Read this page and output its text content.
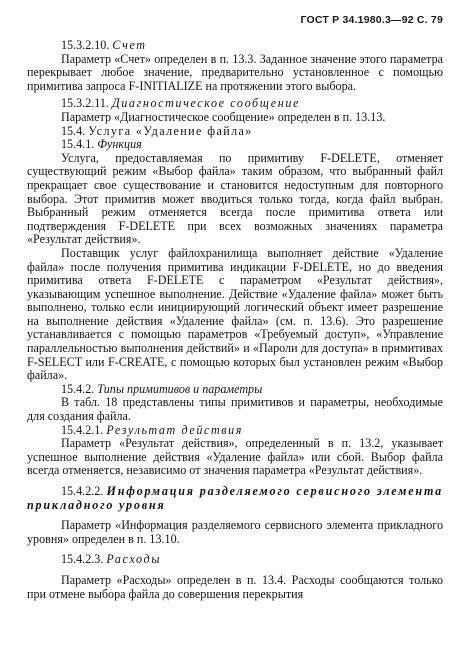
ГОСТ Р 34.1980.3—92 С. 79

15.3.2.10. Счет

Параметр «Счет» определен в п. 13.3. Заданное значение этого параметра перекрывает любое значение, предварительно установленное с помощью примитива запроса F-INITIALIZE на протяжении этого выбора.

15.3.2.11. Диагностическое сообщение

Параметр «Диагностическое сообщение» определен в п. 13.13.

15.4. Услуга «Удаление файла»

15.4.1. Функция

Услуга, предоставляемая по примитиву F-DELETE, отменяет существующий режим «Выбор файла» таким образом, что выбранный файл прекращает свое существование и становится недоступным для повторного выбора. Этот примитив может вводиться только тогда, когда файл выбран. Выбранный режим отменяется всегда после примитива ответа или подтверждения F-DELETE при всех возможных значениях параметра «Результат действия».

Поставщик услуг файлохранилища выполняет действие «Удаление файла» после получения примитива индикации F-DELETE, но до введения примитива ответа F-DELETE с параметром «Результат действия», указывающим успешное выполнение. Действие «Удаление файла» может быть выполнено, только если инициирующий логический объект имеет разрешение на выполнение действия «Удаление файла» (см. п. 13.6). Это разрешение устанавливается с помощью параметров «Требуемый доступ», «Управление параллельностью выполнения действий» и «Пароли для доступа» в примитивах F-SELECT или F-CREATE, с помощью которых был установлен режим «Выбор файла».

15.4.2. Типы примитивов и параметры

В табл. 18 представлены типы примитивов и параметры, необходимые для создания файла.

15.4.2.1. Результат действия

Параметр «Результат действия», определенный в п. 13.2, указывает успешное выполнение действия «Удаление файла» или сбой. Выбор файла всегда отменяется, независимо от значения параметра «Результат действия».

15.4.2.2. Информация разделяемого сервисного элемента прикладного уровня

Параметр «Информация разделяемого сервисного элемента прикладного уровня» определен в п. 13.10.

15.4.2.3. Расходы

Параметр «Расходы» определен в п. 13.4. Расходы сообщаются только при отмене выбора файла до совершения перекрытия
